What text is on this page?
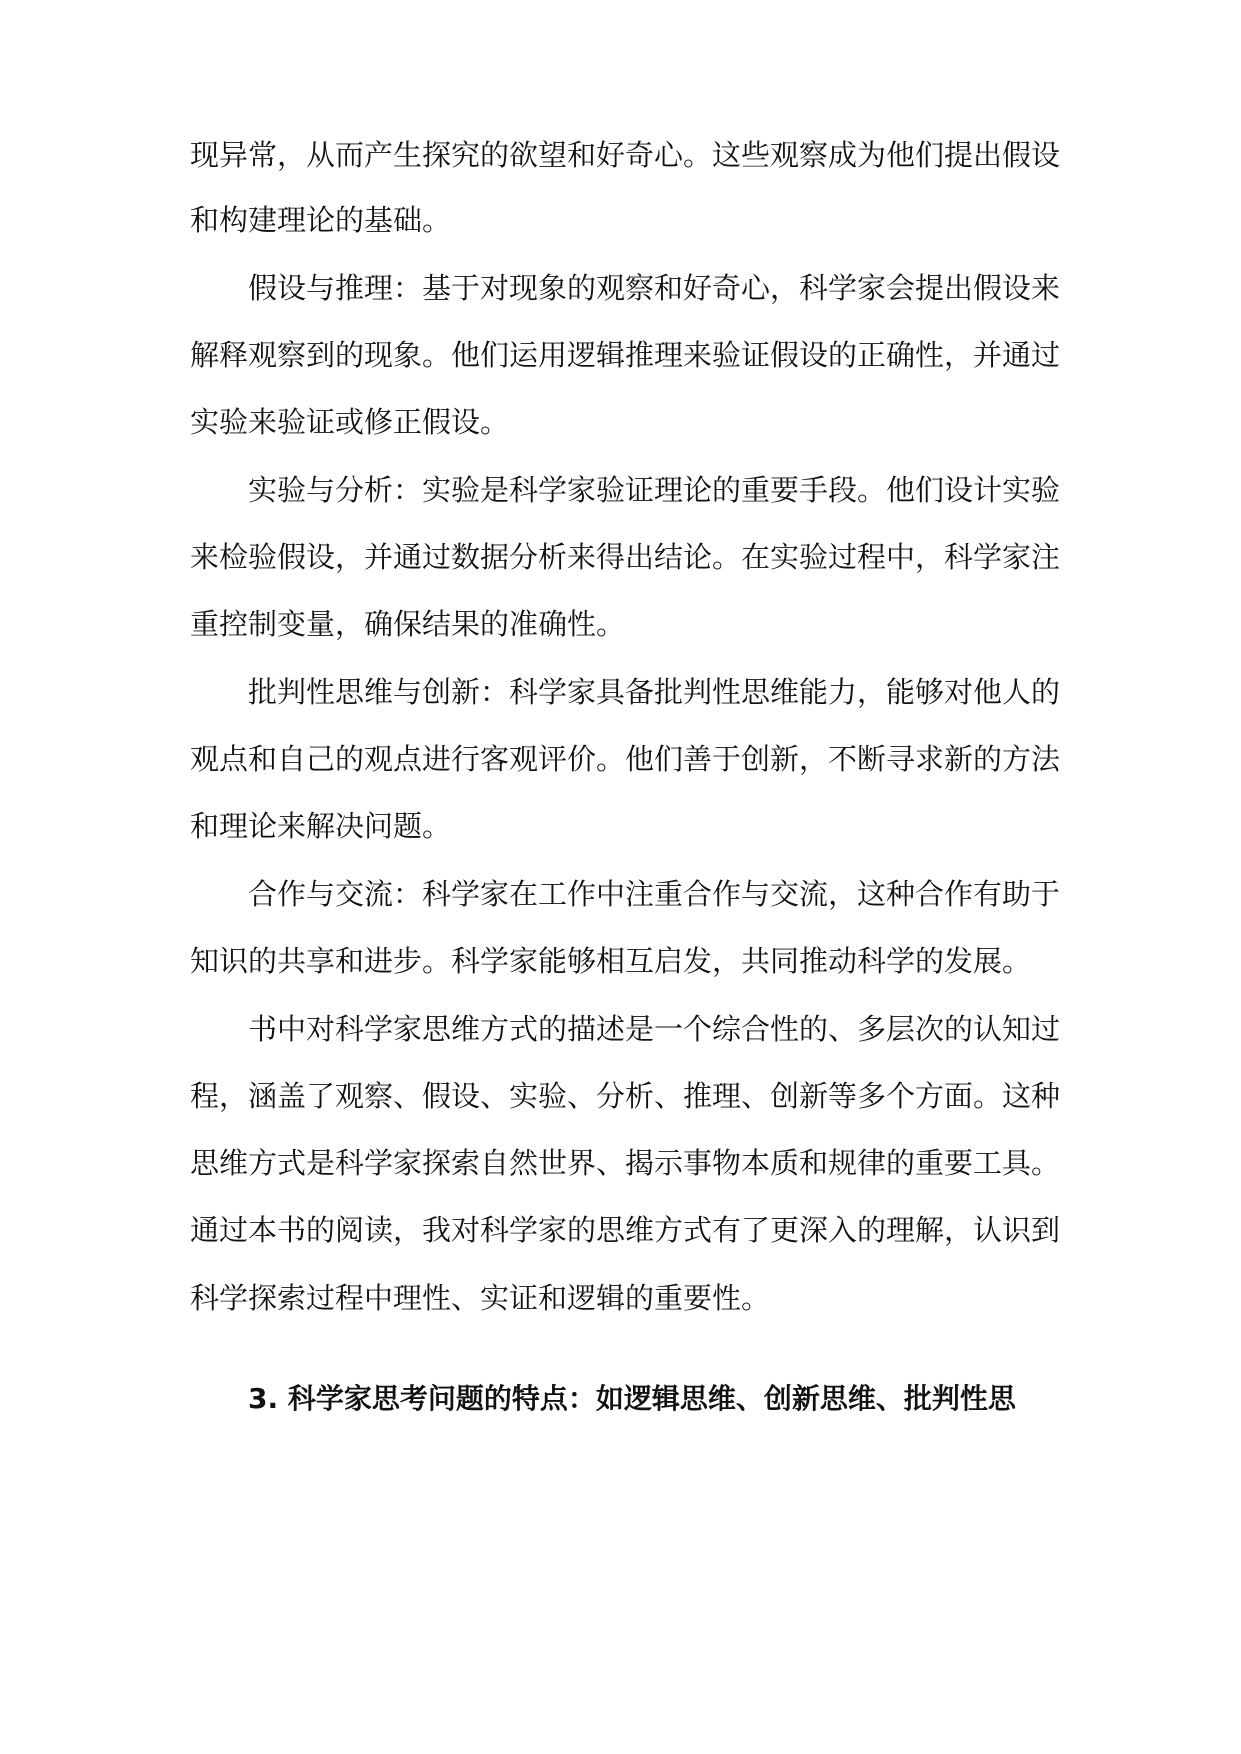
现异常，从而产生探究的欲望和好奇心。这些观察成为他们提出假设
和构建理论的基础。
假设与推理：基于对现象的观察和好奇心，科学家会提出假设来
解释观察到的现象。他们运用逻辑推理来验证假设的正确性，并通过
实验来验证或修正假设。
实验与分析：实验是科学家验证理论的重要手段。他们设计实验
来检验假设，并通过数据分析来得出结论。在实验过程中，科学家注
重控制变量，确保结果的准确性。
批判性思维与创新：科学家具备批判性思维能力，能够对他人的
观点和自己的观点进行客观评价。他们善于创新，不断寻求新的方法
和理论来解决问题。
合作与交流：科学家在工作中注重合作与交流，这种合作有助于
知识的共享和进步。科学家能够相互启发，共同推动科学的发展。
书中对科学家思维方式的描述是一个综合性的、多层次的认知过
程，涵盖了观察、假设、实验、分析、推理、创新等多个方面。这种
思维方式是科学家探索自然世界、揭示事物本质和规律的重要工具。
通过本书的阅读，我对科学家的思维方式有了更深入的理解，认识到
科学探索过程中理性、实证和逻辑的重要性。
3. 科学家思考问题的特点：如逻辑思维、创新思维、批判性思
